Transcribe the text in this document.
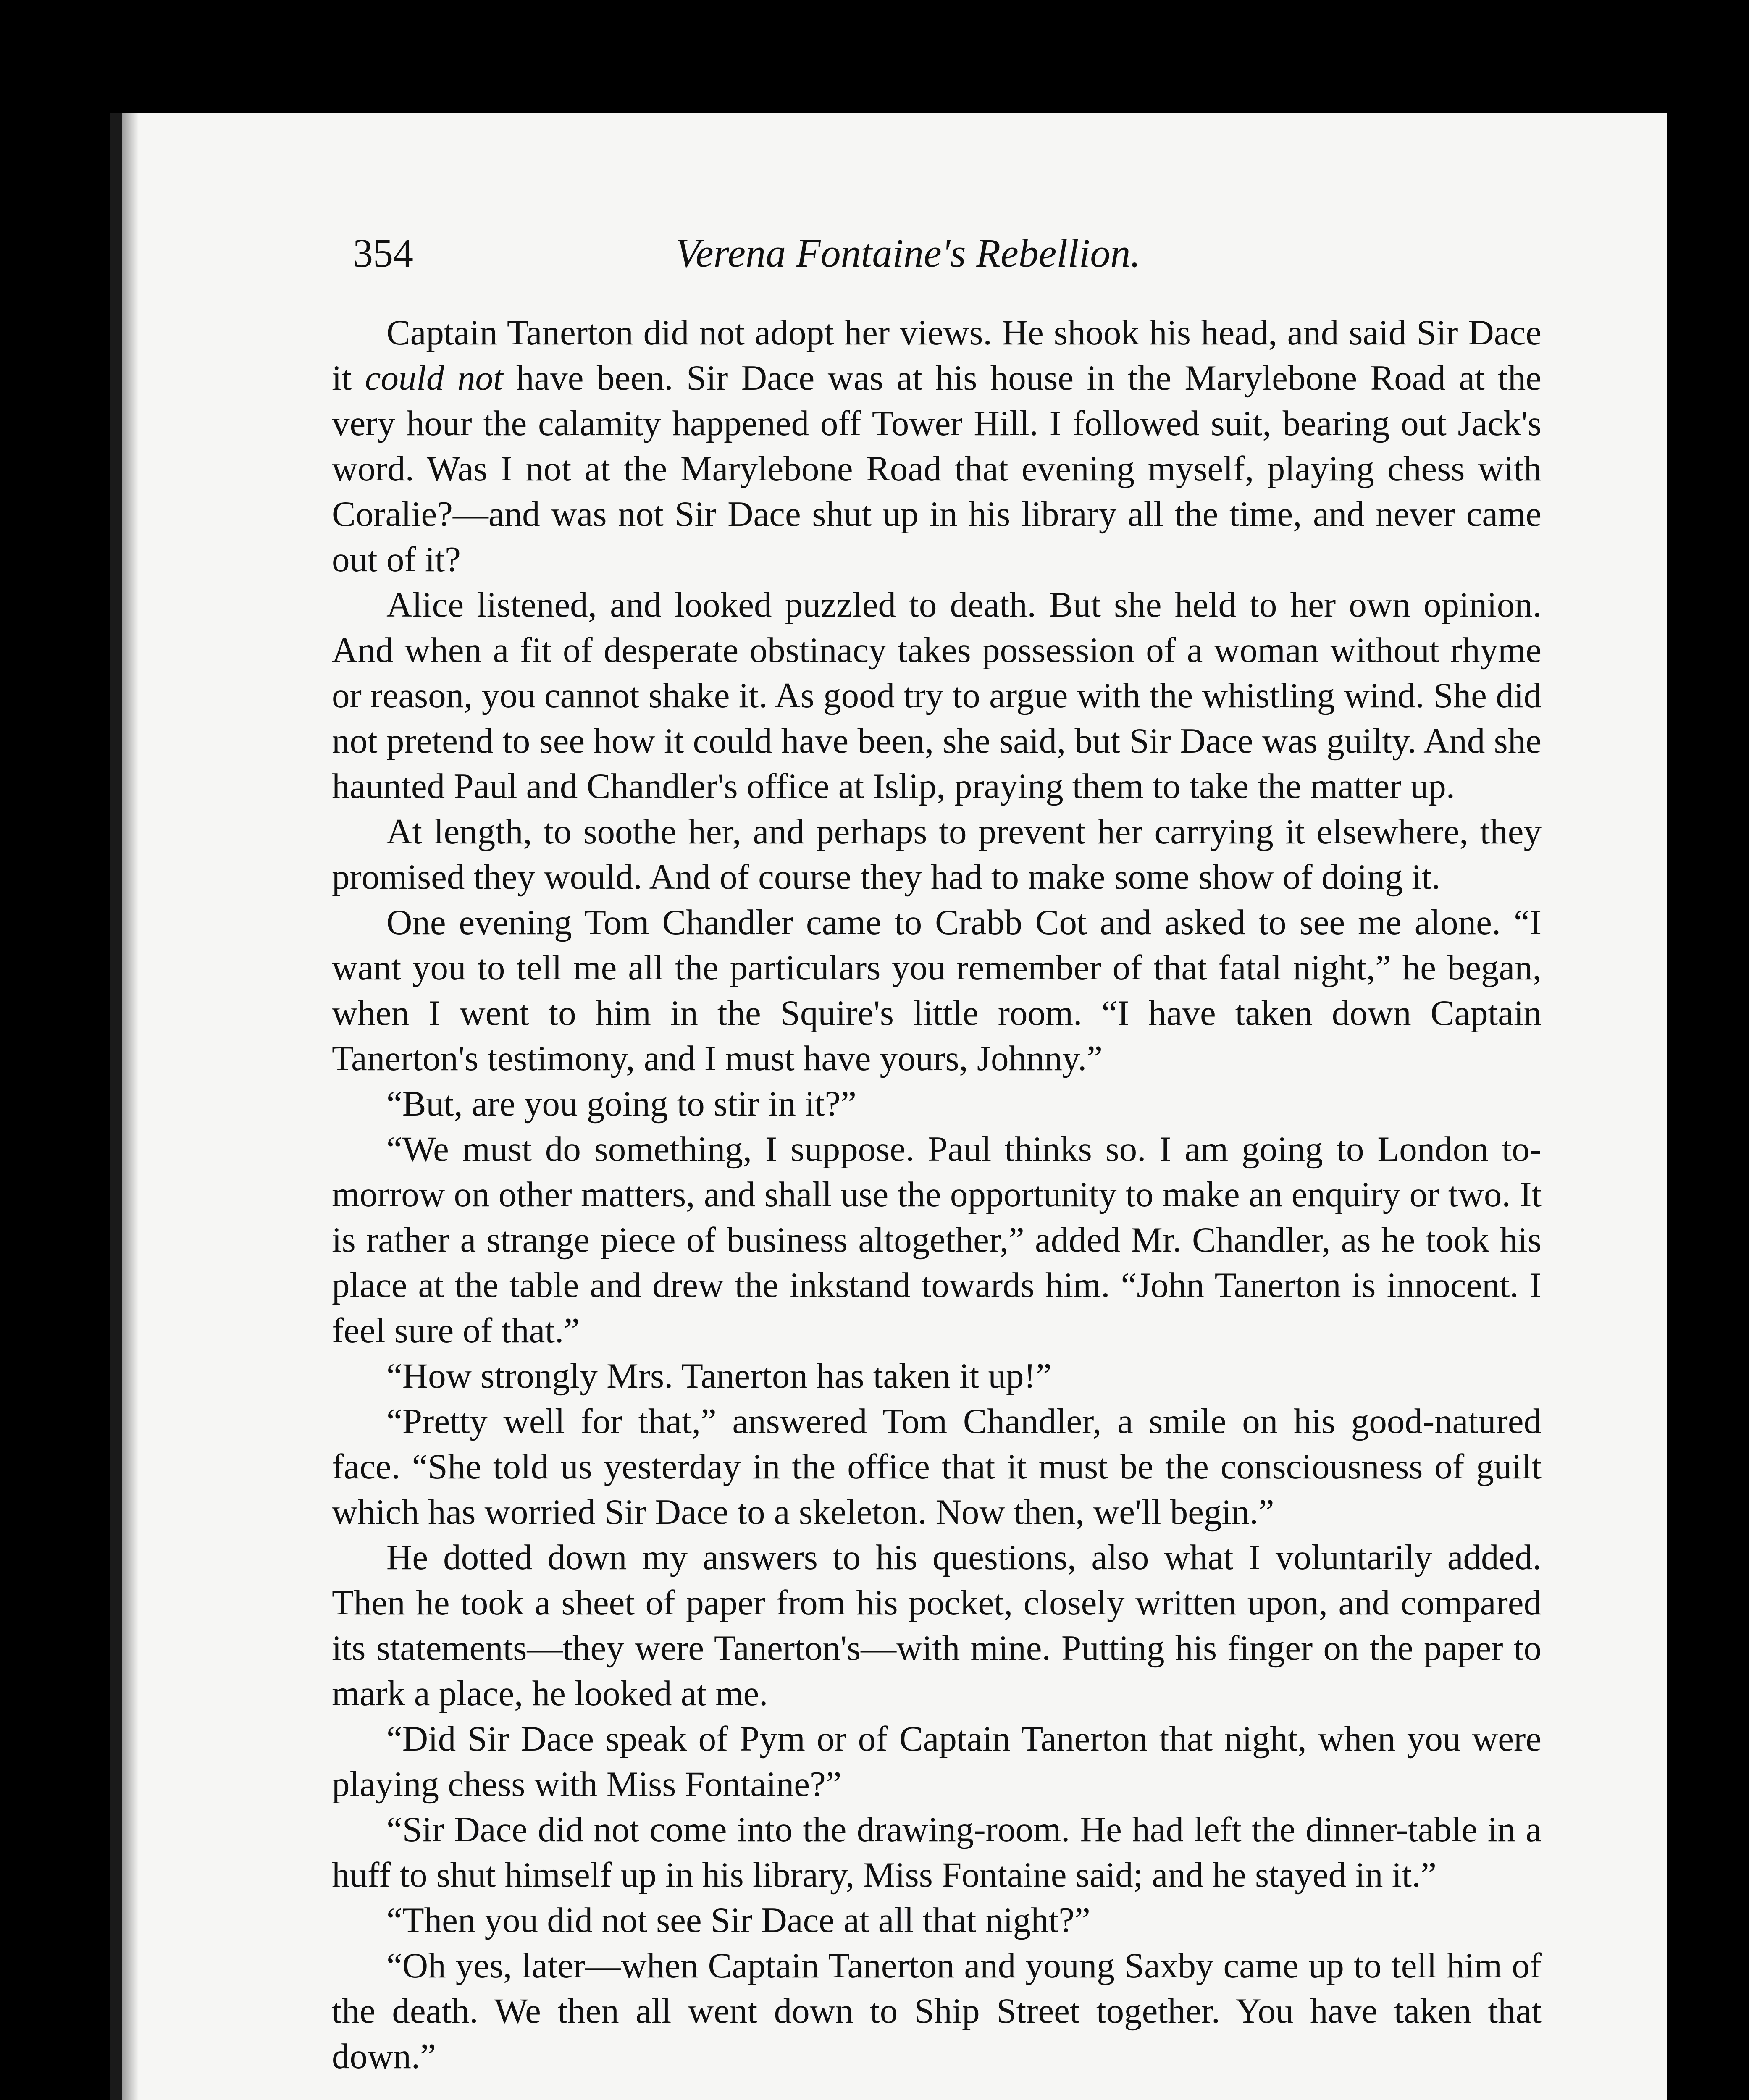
354	Verena Fontaine's Rebellion.

Captain Tanerton did not adopt her views. He shook his head, and said Sir Dace it could not have been. Sir Dace was at his house in the Marylebone Road at the very hour the calamity happened off Tower Hill. I followed suit, bearing out Jack's word. Was I not at the Marylebone Road that evening myself, playing chess with Coralie?—and was not Sir Dace shut up in his library all the time, and never came out of it?

Alice listened, and looked puzzled to death. But she held to her own opinion. And when a fit of desperate obstinacy takes possession of a woman without rhyme or reason, you cannot shake it. As good try to argue with the whistling wind. She did not pretend to see how it could have been, she said, but Sir Dace was guilty. And she haunted Paul and Chandler's office at Islip, praying them to take the matter up.

At length, to soothe her, and perhaps to prevent her carrying it elsewhere, they promised they would. And of course they had to make some show of doing it.

One evening Tom Chandler came to Crabb Cot and asked to see me alone. “I want you to tell me all the particulars you remember of that fatal night,” he began, when I went to him in the Squire's little room. “I have taken down Captain Tanerton's testimony, and I must have yours, Johnny.”

“But, are you going to stir in it?”

“We must do something, I suppose. Paul thinks so. I am going to London to-morrow on other matters, and shall use the opportunity to make an enquiry or two. It is rather a strange piece of business altogether,” added Mr. Chandler, as he took his place at the table and drew the inkstand towards him. “John Tanerton is innocent. I feel sure of that.”

“How strongly Mrs. Tanerton has taken it up!”

“Pretty well for that,” answered Tom Chandler, a smile on his good-natured face. “She told us yesterday in the office that it must be the consciousness of guilt which has worried Sir Dace to a skeleton. Now then, we'll begin.”

He dotted down my answers to his questions, also what I voluntarily added. Then he took a sheet of paper from his pocket, closely written upon, and compared its statements—they were Tanerton's—with mine. Putting his finger on the paper to mark a place, he looked at me.

“Did Sir Dace speak of Pym or of Captain Tanerton that night, when you were playing chess with Miss Fontaine?”

“Sir Dace did not come into the drawing-room. He had left the dinner-table in a huff to shut himself up in his library, Miss Fontaine said; and he stayed in it.”

“Then you did not see Sir Dace at all that night?”

“Oh yes, later—when Captain Tanerton and young Saxby came up to tell him of the death. We then all went down to Ship Street together. You have taken that down.”
